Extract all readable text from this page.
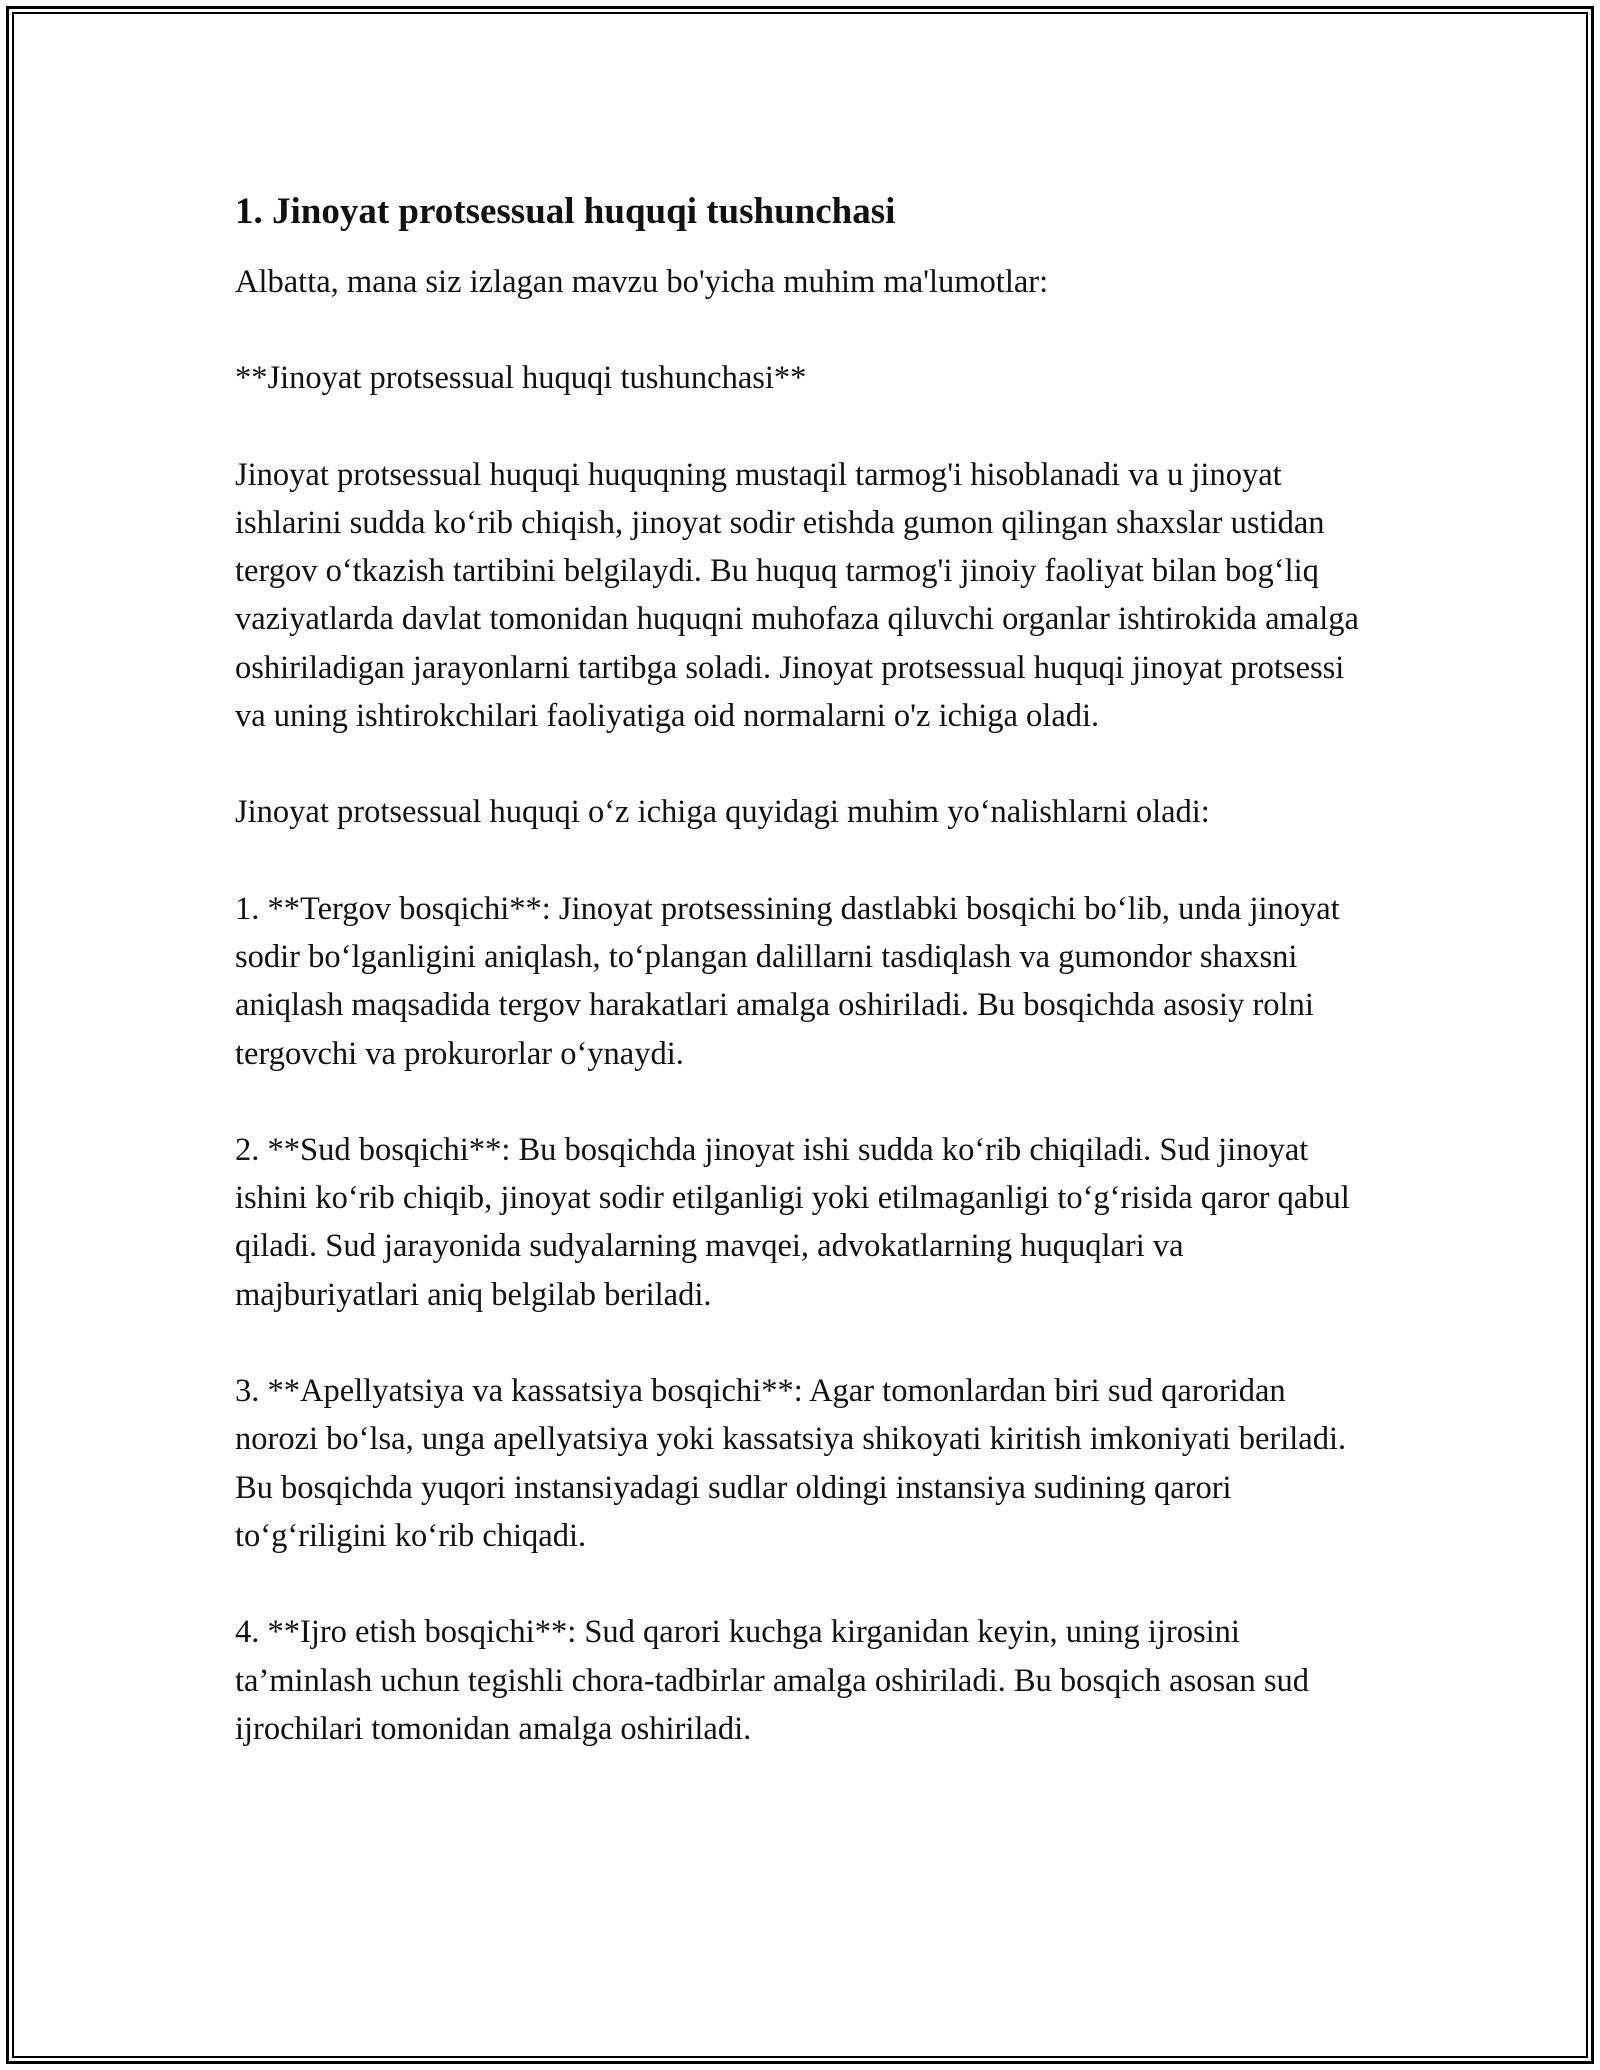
1. Jinoyat protsessual huquqi tushunchasi

Albatta, mana siz izlagan mavzu bo'yicha muhim ma'lumotlar:

**Jinoyat protsessual huquqi tushunchasi**

Jinoyat protsessual huquqi huquqning mustaqil tarmog'i hisoblanadi va u jinoyat ishlarini sudda koʻrib chiqish, jinoyat sodir etishda gumon qilingan shaxslar ustidan tergov oʻtkazish tartibini belgilaydi. Bu huquq tarmog'i jinoiy faoliyat bilan bogʻliq vaziyatlarda davlat tomonidan huquqni muhofaza qiluvchi organlar ishtirokida amalga oshiriladigan jarayonlarni tartibga soladi. Jinoyat protsessual huquqi jinoyat protsessi va uning ishtirokchilari faoliyatiga oid normalarni o'z ichiga oladi.

Jinoyat protsessual huquqi oʻz ichiga quyidagi muhim yoʻnalishlarni oladi:

1. **Tergov bosqichi**: Jinoyat protsessining dastlabki bosqichi boʻlib, unda jinoyat sodir boʻlganligini aniqlash, toʻplangan dalillarni tasdiqlash va gumondor shaxsni aniqlash maqsadida tergov harakatlari amalga oshiriladi. Bu bosqichda asosiy rolni tergovchi va prokurorlar oʻynaydi.

2. **Sud bosqichi**: Bu bosqichda jinoyat ishi sudda koʻrib chiqiladi. Sud jinoyat ishini koʻrib chiqib, jinoyat sodir etilganligi yoki etilmaganligi toʻgʻrisida qaror qabul qiladi. Sud jarayonida sudyalarning mavqei, advokatlarning huquqlari va majburiyatlari aniq belgilab beriladi.

3. **Apellyatsiya va kassatsiya bosqichi**: Agar tomonlardan biri sud qaroridan norozi boʻlsa, unga apellyatsiya yoki kassatsiya shikoyati kiritish imkoniyati beriladi. Bu bosqichda yuqori instansiyadagi sudlar oldingi instansiya sudining qarori toʻgʻriligini koʻrib chiqadi.

4. **Ijro etish bosqichi**: Sud qarori kuchga kirganidan keyin, uning ijrosini ta’minlash uchun tegishli chora-tadbirlar amalga oshiriladi. Bu bosqich asosan sud ijrochilari tomonidan amalga oshiriladi.
